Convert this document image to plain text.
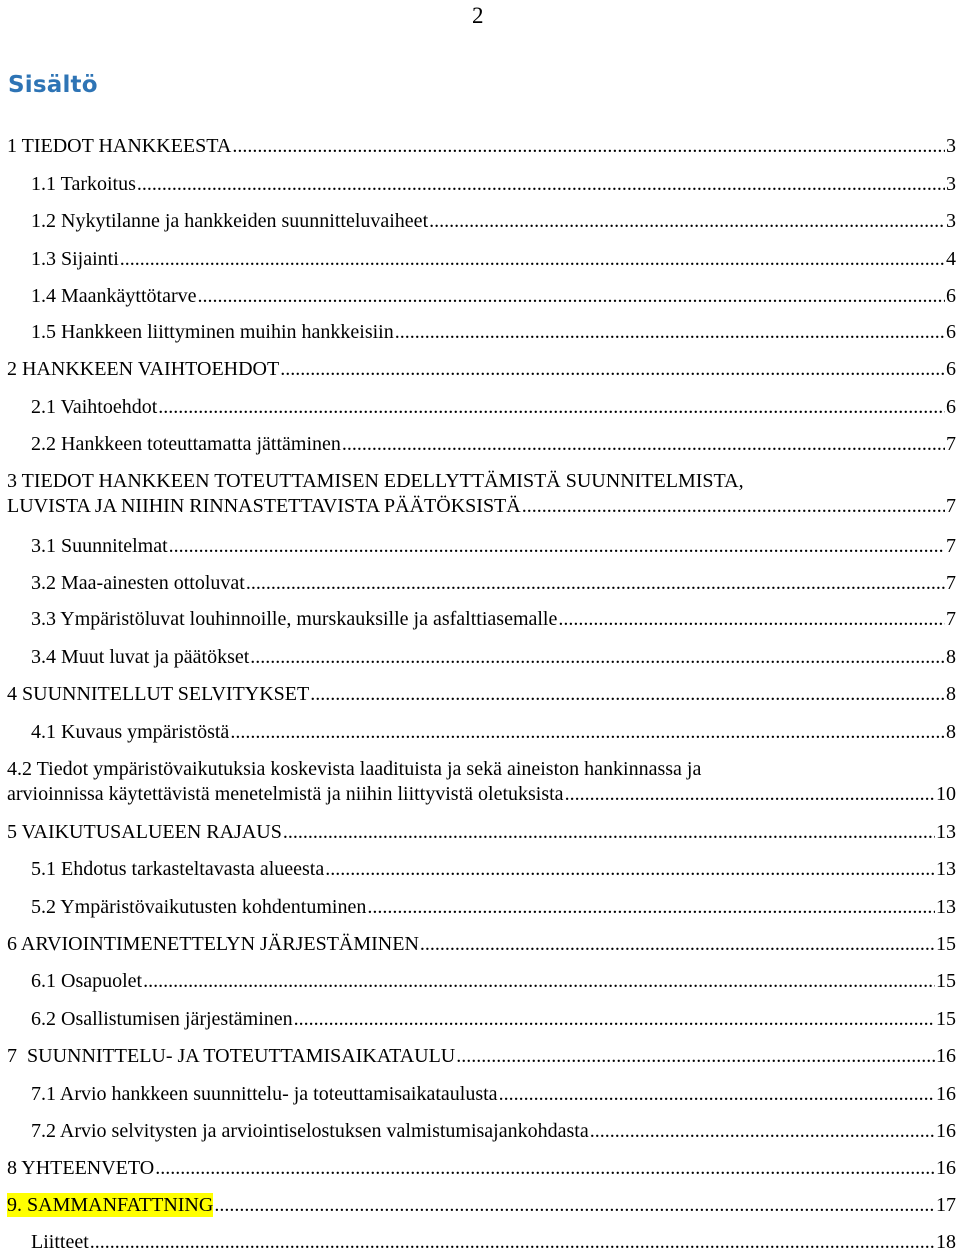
2
Sisältö
1 TIEDOT HANKKEESTA .....	3
1.1 Tarkoitus .....	3
1.2 Nykytilanne ja hankkeiden suunnitteluvaiheet .....	3
1.3 Sijainti .....	4
1.4 Maankäyttötarve .....	6
1.5 Hankkeen liittyminen muihin hankkeisiin .....	6
2 HANKKEEN VAIHTOEHDOT .....	6
2.1 Vaihtoehdot .....	6
2.2 Hankkeen toteuttamatta jättäminen .....	7
3 TIEDOT HANKKEEN TOTEUTTAMISEN EDELLYTTÄMISTÄ SUUNNITELMISTA,
LUVISTA JA NIIHIN RINNASTETTAVISTA PÄÄTÖKSISTÄ .....	7
3.1 Suunnitelmat .....	7
3.2 Maa-ainesten ottoluvat .....	7
3.3 Ympäristöluvat louhinnoille, murskauksille ja asfalttiasemalle .....	7
3.4 Muut luvat ja päätökset .....	8
4 SUUNNITELLUT SELVITYKSET .....	8
4.1 Kuvaus ympäristöstä .....	8
4.2 Tiedot ympäristövaikutuksia koskevista laadituista ja sekä aineiston hankinnassa ja
arvioinnissa käytettävistä menetelmistä ja niihin liittyvistä oletuksista .....	10
5 VAIKUTUSALUEEN RAJAUS .....	13
5.1 Ehdotus tarkasteltavasta alueesta .....	13
5.2 Ympäristövaikutusten kohdentuminen .....	13
6 ARVIOINTIMENETTELYN JÄRJESTÄMINEN .....	15
6.1 Osapuolet .....	15
6.2 Osallistumisen järjestäminen .....	15
7  SUUNNITTELU- JA TOTEUTTAMISAIKATAULU .....	16
7.1 Arvio hankkeen suunnittelu- ja toteuttamisaikataulusta .....	16
7.2 Arvio selvitysten ja arviointiselostuksen valmistumisajankohdasta .....	16
8 YHTEENVETO .....	16
9. SAMMANFATTNING .....	17
Liitteet .....	18
